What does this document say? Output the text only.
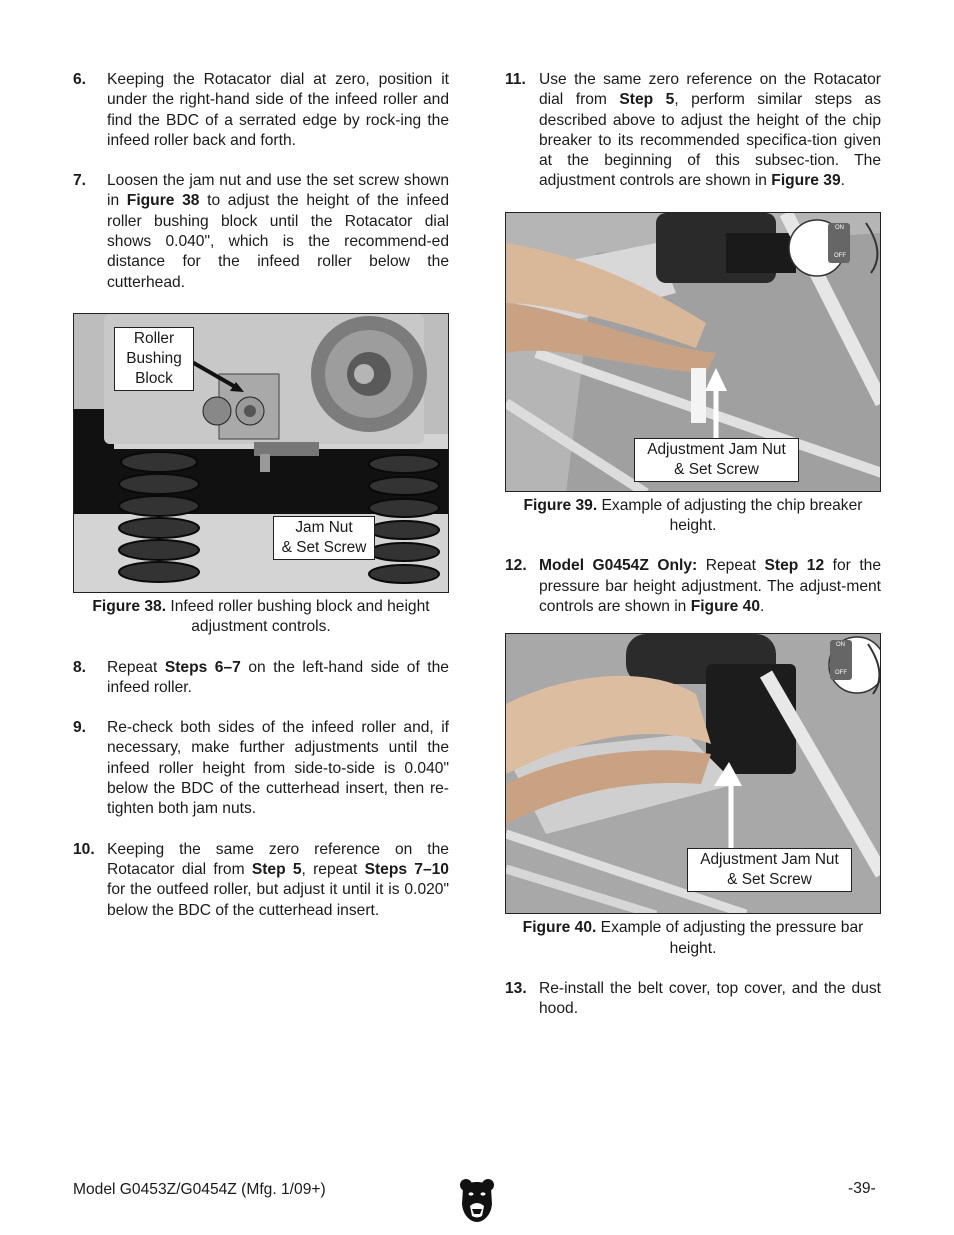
6. Keeping the Rotacator dial at zero, position it under the right-hand side of the infeed roller and find the BDC of a serrated edge by rock-ing the infeed roller back and forth.
7. Loosen the jam nut and use the set screw shown in Figure 38 to adjust the height of the infeed roller bushing block until the Rotacator dial shows 0.040", which is the recommend-ed distance for the infeed roller below the cutterhead.
Roller
Bushing
Block
Jam Nut
& Set Screw
Figure 38. Infeed roller bushing block and height adjustment controls.
8. Repeat Steps 6–7 on the left-hand side of the infeed roller.
9. Re-check both sides of the infeed roller and, if necessary, make further adjustments until the infeed roller height from side-to-side is 0.040" below the BDC of the cutterhead insert, then re-tighten both jam nuts.
10. Keeping the same zero reference on the Rotacator dial from Step 5, repeat Steps 7–10 for the outfeed roller, but adjust it until it is 0.020" below the BDC of the cutterhead insert.
11. Use the same zero reference on the Rotacator dial from Step 5, perform similar steps as described above to adjust the height of the chip breaker to its recommended specifica-tion given at the beginning of this subsec-tion. The adjustment controls are shown in Figure 39.
ON
OFF
Adjustment Jam Nut
& Set Screw
Figure 39. Example of adjusting the chip breaker height.
12. Model G0454Z Only: Repeat Step 12 for the pressure bar height adjustment. The adjust-ment controls are shown in Figure 40.
ON
OFF
Adjustment Jam Nut
& Set Screw
Figure 40. Example of adjusting the pressure bar height.
13. Re-install the belt cover, top cover, and the dust hood.
Model G0453Z/G0454Z (Mfg. 1/09+)	-39-
